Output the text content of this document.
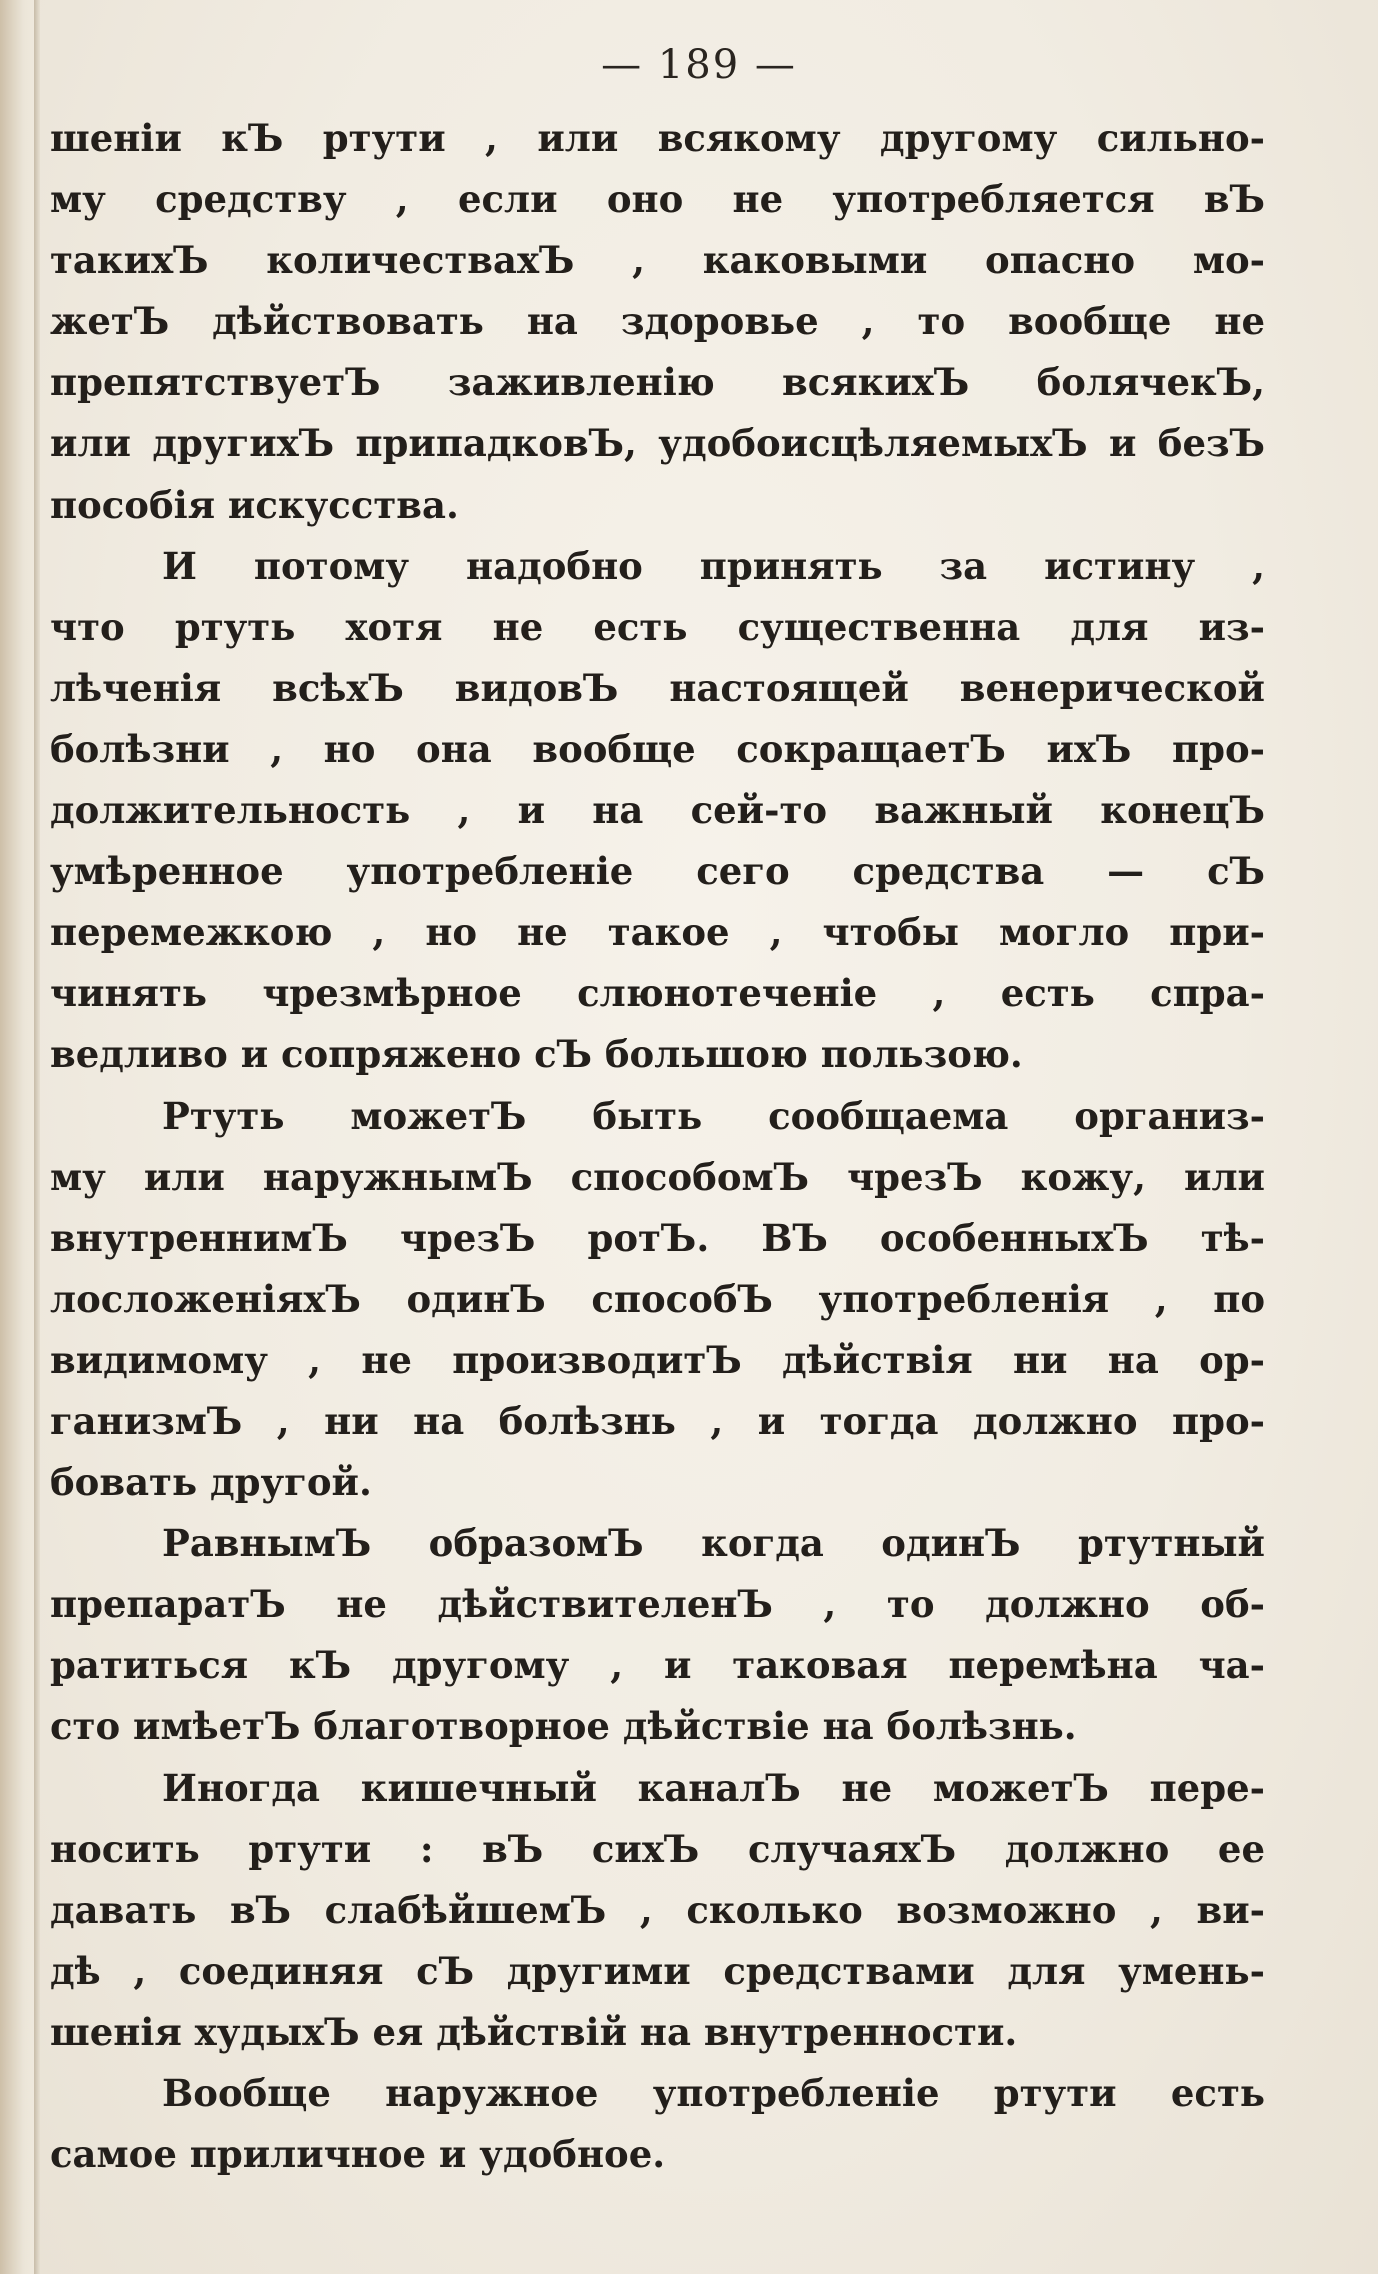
— 189 —
шеніи кЪ ртути , или всякому другому сильно-
му средству , если оно не употребляется вЪ
такихЪ количествахЪ , каковыми опасно мо-
жетЪ дѣйствовать на здоровье , то вообще не
препятствуетЪ заживленію всякихЪ болячекЪ,
или другихЪ припадковЪ, удобоисцѣляемыхЪ и безЪ
пособія искусства.
И потому надобно принять за истину ,
что ртуть хотя не есть существенна для из-
лѣченія всѣхЪ видовЪ настоящей венерической
болѣзни , но она вообще сокращаетЪ ихЪ про-
должительность , и на сей-то важный конецЪ
умѣренное употребленіе сего средства — сЪ
перемежкою , но не такое , чтобы могло при-
чинять чрезмѣрное слюнотеченіе , есть спра-
ведливо и сопряжено сЪ большою пользою.
Ртуть можетЪ быть сообщаема организ-
му или наружнымЪ способомЪ чрезЪ кожу, или
внутреннимЪ чрезЪ ротЪ. ВЪ особенныхЪ тѣ-
лосложеніяхЪ одинЪ способЪ употребленія , по
видимому , не производитЪ дѣйствія ни на ор-
ганизмЪ , ни на болѣзнь , и тогда должно про-
бовать другой.
РавнымЪ образомЪ когда одинЪ ртутный
препаратЪ не дѣйствителенЪ , то должно об-
ратиться кЪ другому , и таковая перемѣна ча-
сто имѣетЪ благотворное дѣйствіе на болѣзнь.
Иногда кишечный каналЪ не можетЪ пере-
носить ртути : вЪ сихЪ случаяхЪ должно ее
давать вЪ слабѣйшемЪ , сколько возможно , ви-
дѣ , соединяя сЪ другими средствами для умень-
шенія худыхЪ ея дѣйствій на внутренности.
Вообще наружное употребленіе ртути есть
самое приличное и удобное.
